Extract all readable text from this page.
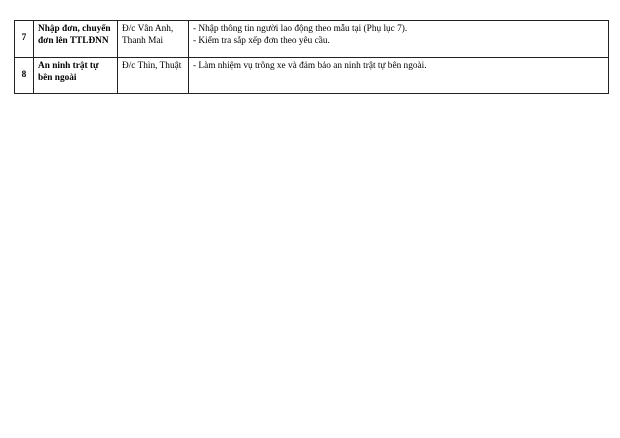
7	Nhập đơn, chuyển đơn lên TTLĐNN	Đ/c Vân Anh, Thanh Mai	- Nhập thông tin người lao động theo mẫu tại (Phụ lục 7).
- Kiểm tra sắp xếp đơn theo yêu cầu.

8	An ninh trật tự bên ngoài	Đ/c Thìn, Thuật	- Làm nhiệm vụ trông xe và đảm bảo an ninh trật tự bên ngoài.
